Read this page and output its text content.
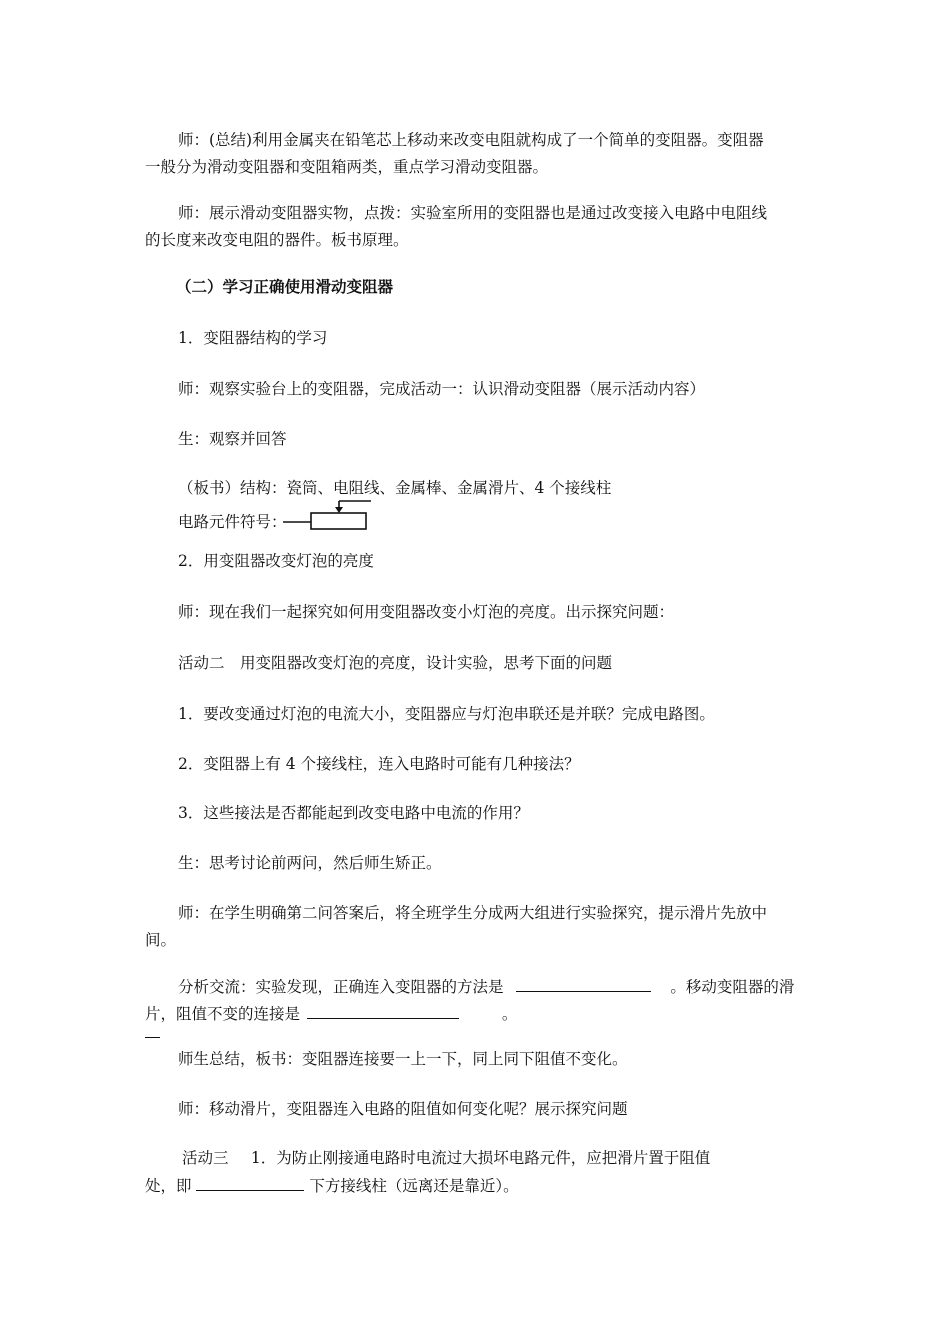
师：(总结)利用金属夹在铅笔芯上移动来改变电阻就构成了一个简单的变阻器。变阻器
一般分为滑动变阻器和变阻箱两类，重点学习滑动变阻器。
师：展示滑动变阻器实物，点拨：实验室所用的变阻器也是通过改变接入电路中电阻线
的长度来改变电阻的器件。板书原理。
（二）学习正确使用滑动变阻器
1．变阻器结构的学习
师：观察实验台上的变阻器，完成活动一：认识滑动变阻器（展示活动内容）
生：观察并回答
（板书）结构：瓷筒、电阻线、金属棒、金属滑片、4 个接线柱
电路元件符号：
2．用变阻器改变灯泡的亮度
师：现在我们一起探究如何用变阻器改变小灯泡的亮度。出示探究问题：
活动二　用变阻器改变灯泡的亮度，设计实验，思考下面的问题
1．要改变通过灯泡的电流大小，变阻器应与灯泡串联还是并联？完成电路图。
2．变阻器上有 4 个接线柱，连入电路时可能有几种接法？
3．这些接法是否都能起到改变电路中电流的作用？
生：思考讨论前两问，然后师生矫正。
师：在学生明确第二问答案后，将全班学生分成两大组进行实验探究，提示滑片先放中
间。
分析交流：实验发现，正确连入变阻器的方法是	。移动变阻器的滑
片，阻值不变的连接是	。
师生总结，板书：变阻器连接要一上一下，同上同下阻值不变化。
师：移动滑片，变阻器连入电路的阻值如何变化呢？展示探究问题
活动三　 1．为防止刚接通电路时电流过大损坏电路元件，应把滑片置于阻值
处，即	下方接线柱（远离还是靠近）。
